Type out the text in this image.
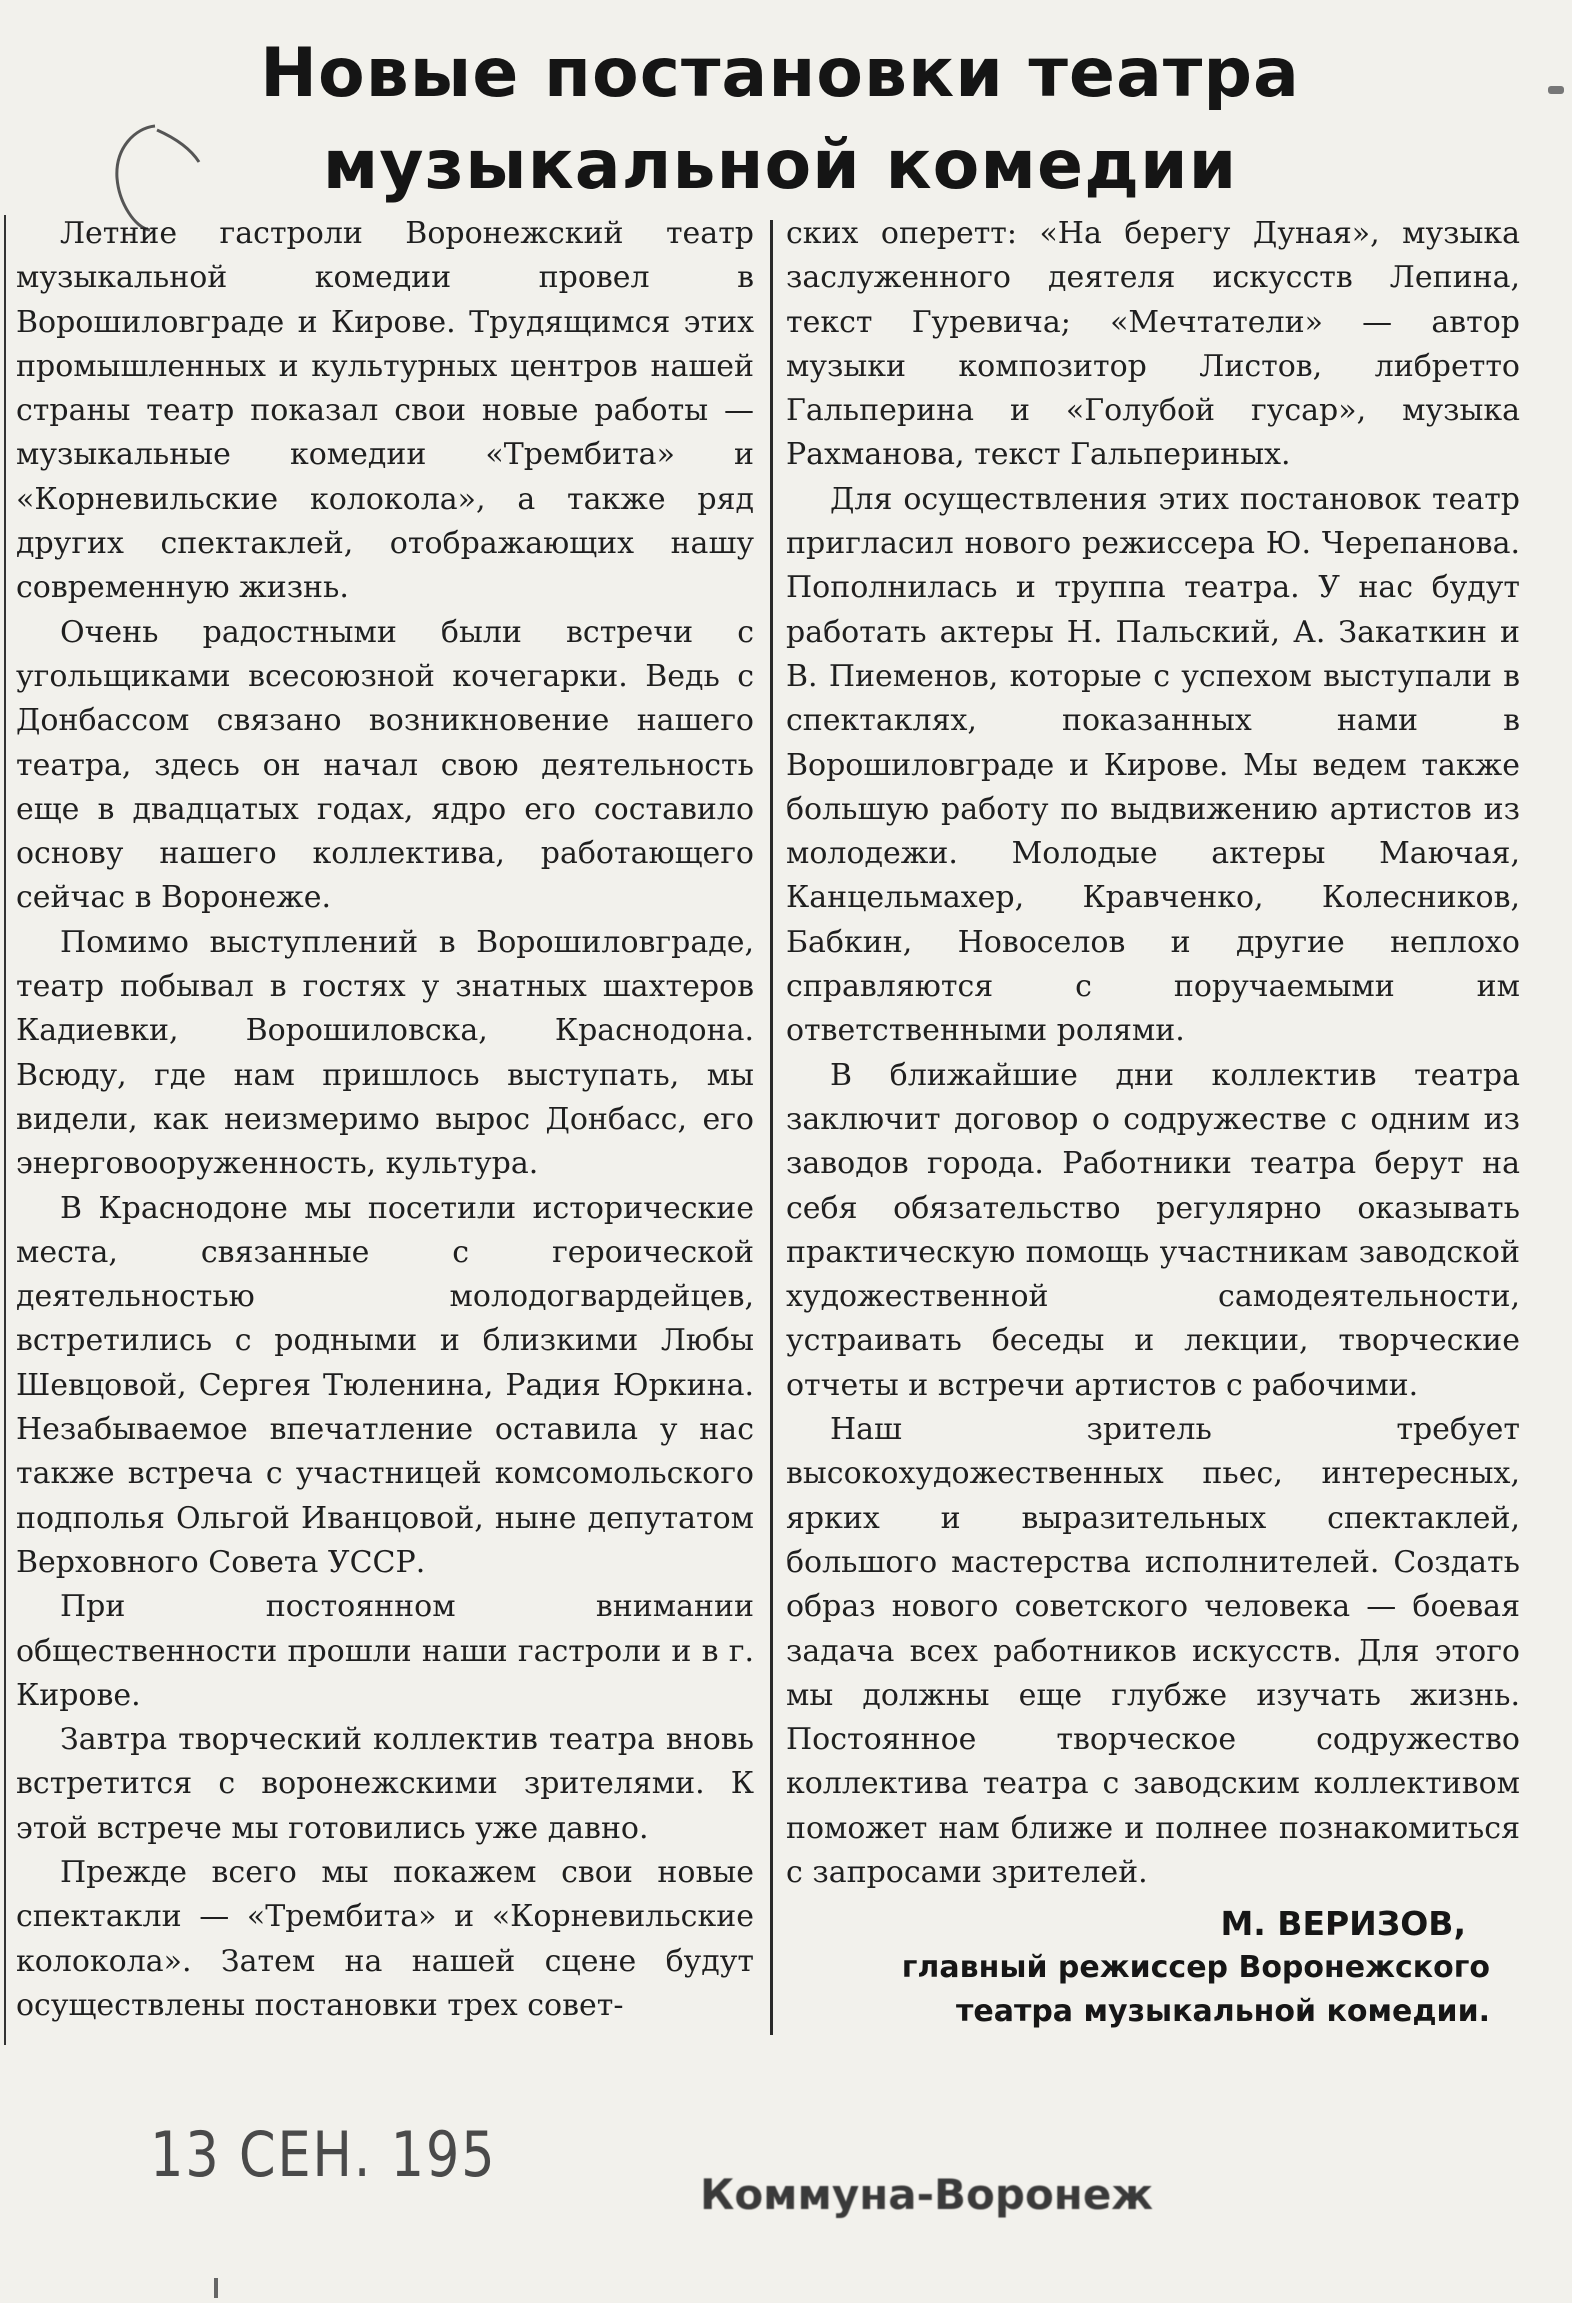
Новые постановки театра
музыкальной комедии

Летние гастроли Воронежский театр музыкальной комедии провел в Ворошиловграде и Кирове. Трудящимся этих промышленных и культурных центров нашей страны театр показал свои новые работы — музыкальные комедии «Трембита» и «Корневильские колокола», а также ряд других спектаклей, отображающих нашу современную жизнь.

Очень радостными были встречи с угольщиками всесоюзной кочегарки. Ведь с Донбассом связано возникновение нашего театра, здесь он начал свою деятельность еще в двадцатых годах, ядро его составило основу нашего коллектива, работающего сейчас в Воронеже.

Помимо выступлений в Ворошиловграде, театр побывал в гостях у знатных шахтеров Кадиевки, Ворошиловска, Краснодона. Всюду, где нам пришлось выступать, мы видели, как неизмеримо вырос Донбасс, его энерговооруженность, культура.

В Краснодоне мы посетили исторические места, связанные с героической деятельностью молодогвардейцев, встретились с родными и близкими Любы Шевцовой, Сергея Тюленина, Радия Юркина. Незабываемое впечатление оставила у нас также встреча с участницей комсомольского подполья Ольгой Иванцовой, ныне депутатом Верховного Совета УССР.

При постоянном внимании общественности прошли наши гастроли и в г. Кирове.

Завтра творческий коллектив театра вновь встретится с воронежскими зрителями. К этой встрече мы готовились уже давно.

Прежде всего мы покажем свои новые спектакли — «Трембита» и «Корневильские колокола». Затем на нашей сцене будут осуществлены постановки трех совет-

ских оперетт: «На берегу Дуная», музыка заслуженного деятеля искусств Лепина, текст Гуревича; «Мечтатели» — автор музыки композитор Листов, либретто Гальперина и «Голубой гусар», музыка Рахманова, текст Гальпериных.

Для осуществления этих постановок театр пригласил нового режиссера Ю. Черепанова. Пополнилась и труппа театра. У нас будут работать актеры Н. Пальский, А. Закаткин и В. Пиеменов, которые с успехом выступали в спектаклях, показанных нами в Ворошиловграде и Кирове. Мы ведем также большую работу по выдвижению артистов из молодежи. Молодые актеры Маючая, Канцельмахер, Кравченко, Колесников, Бабкин, Новоселов и другие неплохо справляются с поручаемыми им ответственными ролями.

В ближайшие дни коллектив театра заключит договор о содружестве с одним из заводов города. Работники театра берут на себя обязательство регулярно оказывать практическую помощь участникам заводской художественной самодеятельности, устраивать беседы и лекции, творческие отчеты и встречи артистов с рабочими.

Наш зритель требует высокохудожественных пьес, интересных, ярких и выразительных спектаклей, большого мастерства исполнителей. Создать образ нового советского человека — боевая задача всех работников искусств. Для этого мы должны еще глубже изучать жизнь. Постоянное творческое содружество коллектива театра с заводским коллективом поможет нам ближе и полнее познакомиться с запросами зрителей.

М. ВЕРИЗОВ,
главный режиссер Воронежского
театра музыкальной комедии.
13 СЕН. 195
Коммуна-Воронеж
